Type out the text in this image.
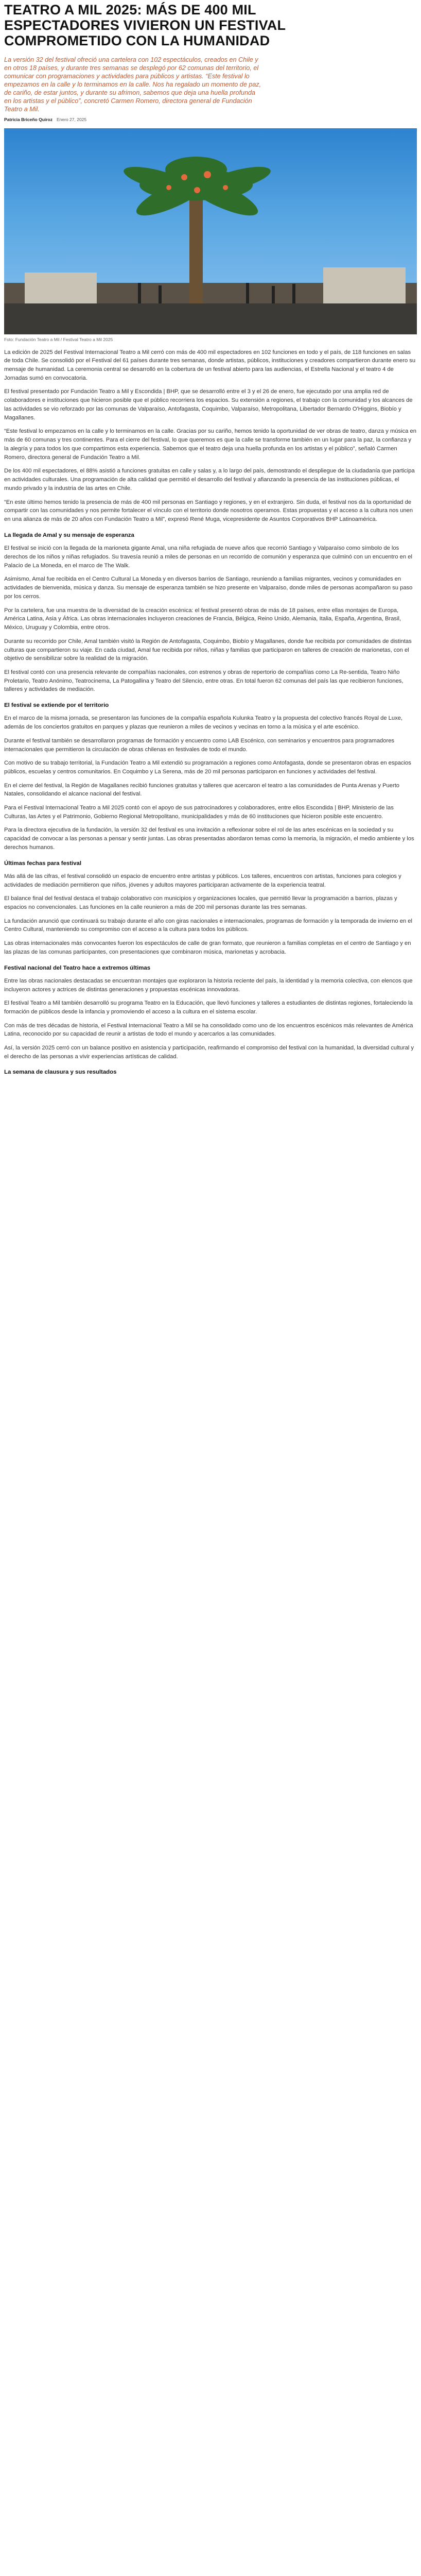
TEATRO A MIL 2025: MÁS DE 400 MIL ESPECTADORES VIVIERON UN FESTIVAL COMPROMETIDO CON LA HUMANIDAD

La versión 32 del festival ofreció una cartelera con 102 espectáculos, creados en Chile y en otros 18 países, y durante tres semanas se desplegó por 62 comunas del territorio, el comunicar con programaciones y actividades para públicos y artistas. “Este festival lo empezamos en la calle y lo terminamos en la calle. Nos ha regalado un momento de paz, de cariño, de estar juntos, y durante su afrimon, sabemos que deja una huella profunda en los artistas y el público”, concretó Carmen Romero, directora general de Fundación Teatro a Mil.

Patricia Briceño Quiroz Enero 27, 2025
Foto: Fundación Teatro a Mil / Festival Teatro a Mil 2025

La edición de 2025 del Festival Internacional Teatro a Mil cerró con más de 400 mil espectadores en 102 funciones en todo y el país, de 118 funciones en salas de toda Chile. Se consolidó por el Festival del 61 países durante tres semanas, donde artistas, públicos, instituciones y creadores compartieron durante enero su mensaje de humanidad. La ceremonia central se desarrolló en la cobertura de un festival abierto para las audiencias, el Estrella Nacional y el teatro 4 de Jornadas sumó en convocatoria.

El festival presentado por Fundación Teatro a Mil y Escondida | BHP, que se desarrolló entre el 3 y el 26 de enero, fue ejecutado por una amplia red de colaboradores e instituciones que hicieron posible que el público recorriera los espacios. Su extensión a regiones, el trabajo con la comunidad y los alcances de las actividades se vio reforzado por las comunas de Valparaíso, Antofagasta, Coquimbo, Valparaíso, Metropolitana, Libertador Bernardo O'Higgins, Biobío y Magallanes.

“Este festival lo empezamos en la calle y lo terminamos en la calle. Gracias por su cariño, hemos tenido la oportunidad de ver obras de teatro, danza y música en más de 60 comunas y tres continentes. Para el cierre del festival, lo que queremos es que la calle se transforme también en un lugar para la paz, la confianza y la alegría y para todos los que compartimos esta experiencia. Sabemos que el teatro deja una huella profunda en los artistas y el público”, señaló Carmen Romero, directora general de Fundación Teatro a Mil.

De los 400 mil espectadores, el 88% asistió a funciones gratuitas en calle y salas y, a lo largo del país, demostrando el despliegue de la ciudadanía que participa en actividades culturales. Una programación de alta calidad que permitió el desarrollo del festival y afianzando la presencia de las instituciones públicas, el mundo privado y la industria de las artes en Chile.

“En este último hemos tenido la presencia de más de 400 mil personas en Santiago y regiones, y en el extranjero. Sin duda, el festival nos da la oportunidad de compartir con las comunidades y nos permite fortalecer el vínculo con el territorio donde nosotros operamos. Estas propuestas y el acceso a la cultura nos unen en una alianza de más de 20 años con Fundación Teatro a Mil”, expresó René Muga, vicepresidente de Asuntos Corporativos BHP Latinoamérica.

La llegada de Amal y su mensaje de esperanza

El festival se inició con la llegada de la marioneta gigante Amal, una niña refugiada de nueve años que recorrió Santiago y Valparaíso como símbolo de los derechos de los niños y niñas refugiados. Su travesía reunió a miles de personas en un recorrido de comunión y esperanza que culminó con un encuentro en el Palacio de La Moneda, en el marco de The Walk.

Asimismo, Amal fue recibida en el Centro Cultural La Moneda y en diversos barrios de Santiago, reuniendo a familias migrantes, vecinos y comunidades en actividades de bienvenida, música y danza. Su mensaje de esperanza también se hizo presente en Valparaíso, donde miles de personas acompañaron su paso por los cerros.

Por la cartelera, fue una muestra de la diversidad de la creación escénica: el festival presentó obras de más de 18 países, entre ellas montajes de Europa, América Latina, Asia y África. Las obras internacionales incluyeron creaciones de Francia, Bélgica, Reino Unido, Alemania, Italia, España, Argentina, Brasil, México, Uruguay y Colombia, entre otros.

Durante su recorrido por Chile, Amal también visitó la Región de Antofagasta, Coquimbo, Biobío y Magallanes, donde fue recibida por comunidades de distintas culturas que compartieron su viaje. En cada ciudad, Amal fue recibida por niños, niñas y familias que participaron en talleres de creación de marionetas, con el objetivo de sensibilizar sobre la realidad de la migración.

El festival contó con una presencia relevante de compañías nacionales, con estrenos y obras de repertorio de compañías como La Re-sentida, Teatro Niño Proletario, Teatro Anónimo, Teatrocinema, La Patogallina y Teatro del Silencio, entre otras. En total fueron 62 comunas del país las que recibieron funciones, talleres y actividades de mediación.

El festival se extiende por el territorio

En el marco de la misma jornada, se presentaron las funciones de la compañía española Kulunka Teatro y la propuesta del colectivo francés Royal de Luxe, además de los conciertos gratuitos en parques y plazas que reunieron a miles de vecinos y vecinas en torno a la música y el arte escénico.

Durante el festival también se desarrollaron programas de formación y encuentro como LAB Escénico, con seminarios y encuentros para programadores internacionales que permitieron la circulación de obras chilenas en festivales de todo el mundo.

Con motivo de su trabajo territorial, la Fundación Teatro a Mil extendió su programación a regiones como Antofagasta, donde se presentaron obras en espacios públicos, escuelas y centros comunitarios. En Coquimbo y La Serena, más de 20 mil personas participaron en funciones y actividades del festival.

En el cierre del festival, la Región de Magallanes recibió funciones gratuitas y talleres que acercaron el teatro a las comunidades de Punta Arenas y Puerto Natales, consolidando el alcance nacional del festival.

Para el Festival Internacional Teatro a Mil 2025 contó con el apoyo de sus patrocinadores y colaboradores, entre ellos Escondida | BHP, Ministerio de las Culturas, las Artes y el Patrimonio, Gobierno Regional Metropolitano, municipalidades y más de 60 instituciones que hicieron posible este encuentro.

Para la directora ejecutiva de la fundación, la versión 32 del festival es una invitación a reflexionar sobre el rol de las artes escénicas en la sociedad y su capacidad de convocar a las personas a pensar y sentir juntas. Las obras presentadas abordaron temas como la memoria, la migración, el medio ambiente y los derechos humanos.

Últimas fechas para festival

Más allá de las cifras, el festival consolidó un espacio de encuentro entre artistas y públicos. Los talleres, encuentros con artistas, funciones para colegios y actividades de mediación permitieron que niños, jóvenes y adultos mayores participaran activamente de la experiencia teatral.

El balance final del festival destaca el trabajo colaborativo con municipios y organizaciones locales, que permitió llevar la programación a barrios, plazas y espacios no convencionales. Las funciones en la calle reunieron a más de 200 mil personas durante las tres semanas.

La fundación anunció que continuará su trabajo durante el año con giras nacionales e internacionales, programas de formación y la temporada de invierno en el Centro Cultural, manteniendo su compromiso con el acceso a la cultura para todos los públicos.

Las obras internacionales más convocantes fueron los espectáculos de calle de gran formato, que reunieron a familias completas en el centro de Santiago y en las plazas de las comunas participantes, con presentaciones que combinaron música, marionetas y acrobacia.

Festival nacional del Teatro hace a extremos últimas

Entre las obras nacionales destacadas se encuentran montajes que exploraron la historia reciente del país, la identidad y la memoria colectiva, con elencos que incluyeron actores y actrices de distintas generaciones y propuestas escénicas innovadoras.

El festival Teatro a Mil también desarrolló su programa Teatro en la Educación, que llevó funciones y talleres a estudiantes de distintas regiones, fortaleciendo la formación de públicos desde la infancia y promoviendo el acceso a la cultura en el sistema escolar.

Con más de tres décadas de historia, el Festival Internacional Teatro a Mil se ha consolidado como uno de los encuentros escénicos más relevantes de América Latina, reconocido por su capacidad de reunir a artistas de todo el mundo y acercarlos a las comunidades.

Así, la versión 2025 cerró con un balance positivo en asistencia y participación, reafirmando el compromiso del festival con la humanidad, la diversidad cultural y el derecho de las personas a vivir experiencias artísticas de calidad.

La semana de clausura y sus resultados
